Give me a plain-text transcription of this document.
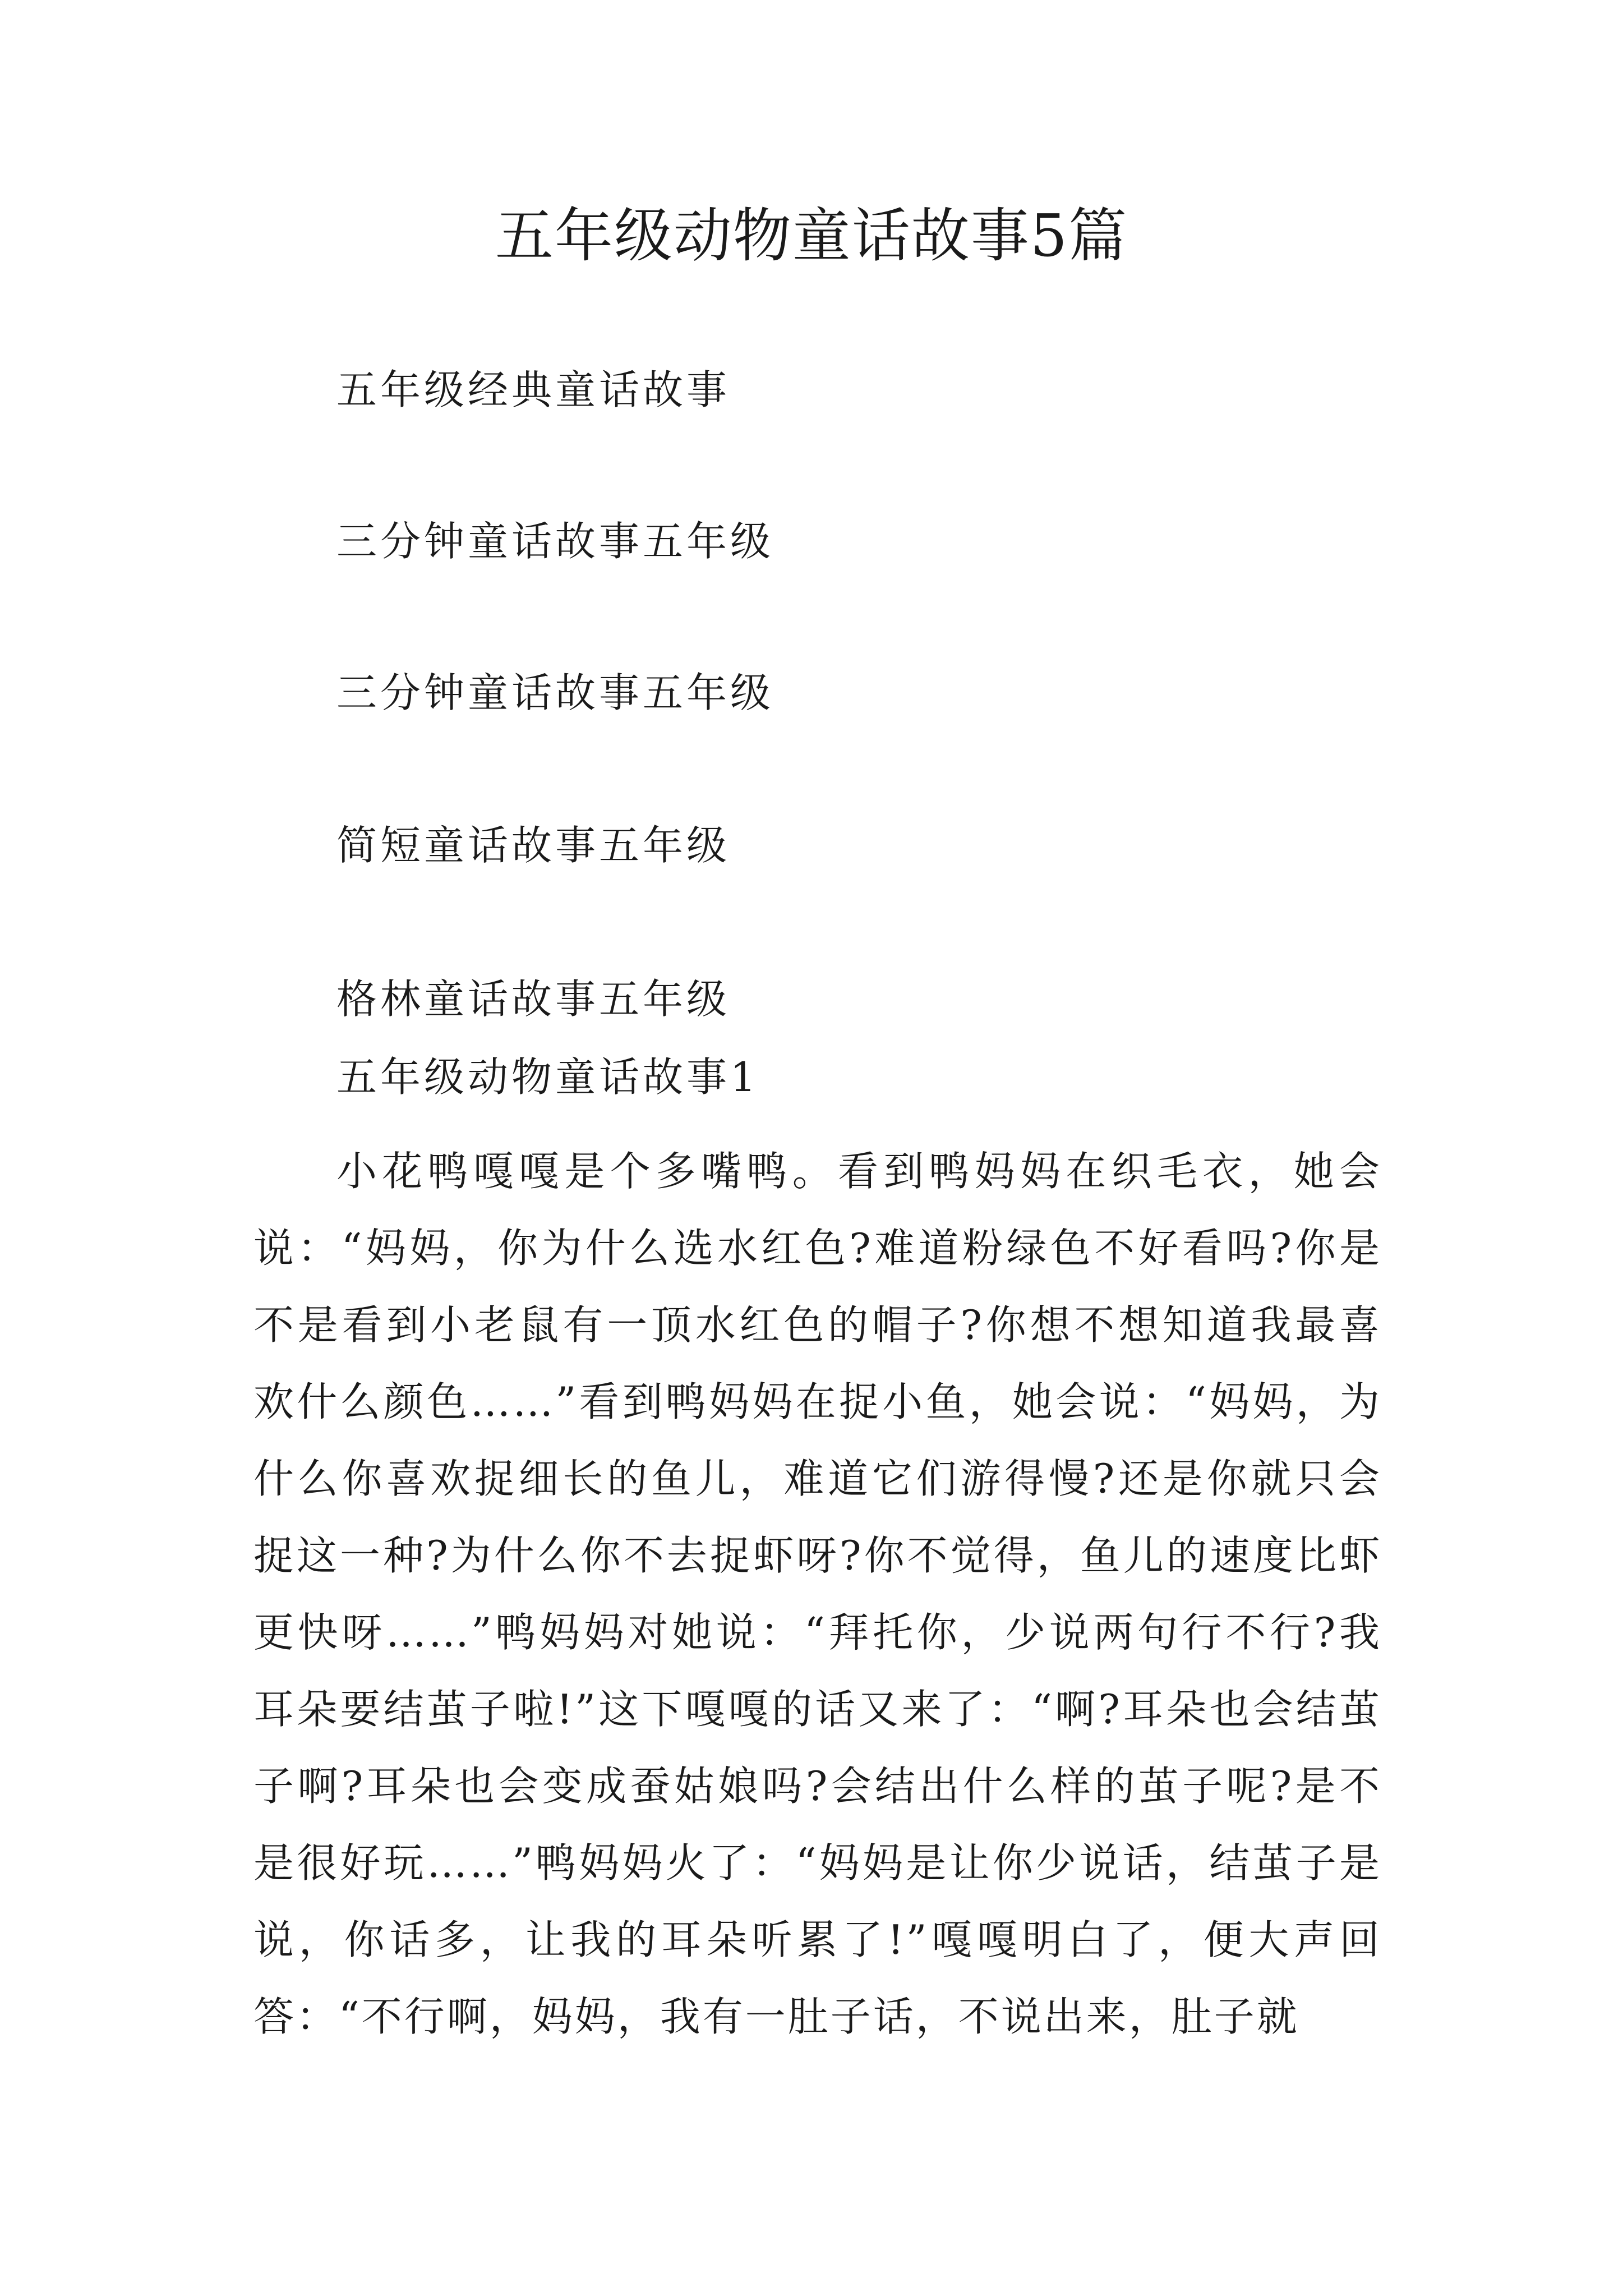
五年级动物童话故事5篇
五年级经典童话故事
三分钟童话故事五年级
三分钟童话故事五年级
简短童话故事五年级
格林童话故事五年级
五年级动物童话故事1

小花鸭嘎嘎是个多嘴鸭。看到鸭妈妈在织毛衣，她会说：“妈妈，你为什么选水红色?难道粉绿色不好看吗?你是不是看到小老鼠有一顶水红色的帽子?你想不想知道我最喜欢什么颜色……”看到鸭妈妈在捉小鱼，她会说：“妈妈，为什么你喜欢捉细长的鱼儿，难道它们游得慢?还是你就只会捉这一种?为什么你不去捉虾呀?你不觉得，鱼儿的速度比虾更快呀……”鸭妈妈对她说：“拜托你，少说两句行不行?我耳朵要结茧子啦!”这下嘎嘎的话又来了：“啊?耳朵也会结茧子啊?耳朵也会变成蚕姑娘吗?会结出什么样的茧子呢?是不是很好玩……”鸭妈妈火了：“妈妈是让你少说话，结茧子是说，你话多，让我的耳朵听累了!”嘎嘎明白了，便大声回答：“不行啊，妈妈，我有一肚子话，不说出来，肚子就
